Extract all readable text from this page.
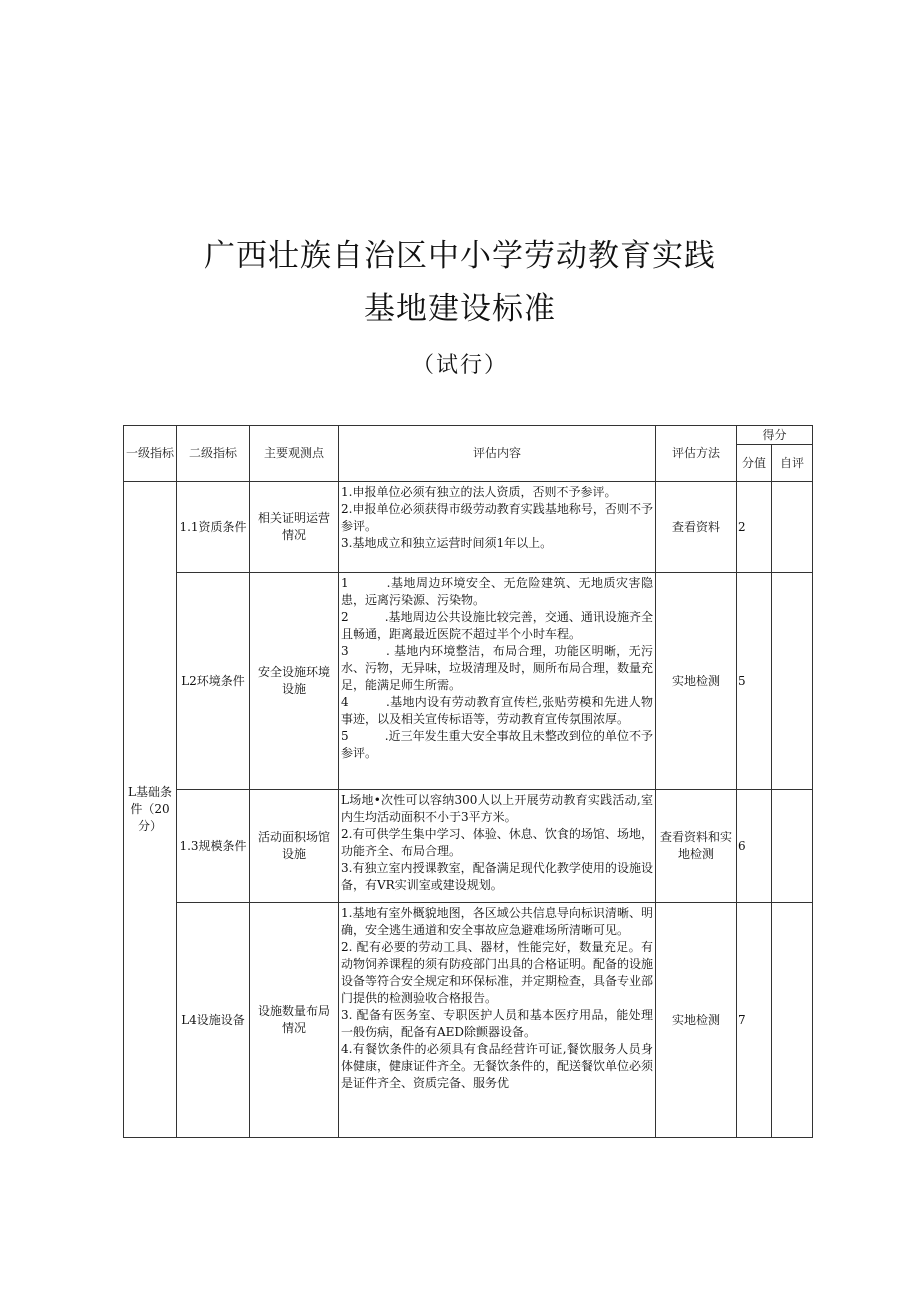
广西壮族自治区中小学劳动教育实践
基地建设标准
（试行）
一级指标	二级指标	主要观测点	评估内容	评估方法	得分	
					分值	自评
L基础条件（20分）	1.1资质条件	相关证明运营情况	1.申报单位必须有独立的法人资质，否则不予参评。
2.申报单位必须获得市级劳动教育实践基地称号，否则不予参评。
3.基地成立和独立运营时间须1年以上。	查看资料	2	
	L2环境条件	安全设施环境设施	1　　　.基地周边环境安全、无危险建筑、无地质灾害隐患，远离污染源、污染物。
2　　　.基地周边公共设施比较完善，交通、通讯设施齐全且畅通，距离最近医院不超过半个小时车程。
3　　　. 基地内环境整洁，布局合理，功能区明晰，无污水、污物，无异味，垃圾清理及时，厕所布局合理，数量充足，能满足师生所需。
4　　　.基地内设有劳动教育宣传栏,张贴劳模和先进人物事迹，以及相关宣传标语等，劳动教育宣传氛围浓厚。
5　　　.近三年发生重大安全事故且未整改到位的单位不予参评。	实地检测	5	
	1.3规模条件	活动面积场馆设施	L场地•次性可以容纳300人以上开展劳动教育实践活动,室内生均活动面积不小于3平方米。
2.有可供学生集中学习、体验、休息、饮食的场馆、场地，功能齐全、布局合理。
3.有独立室内授课教室，配备满足现代化教学使用的设施设备，有VR实训室或建设规划。	查看资料和实地检测	6	
	L4设施设备	设施数量布局情况	1.基地有室外概貌地图，各区域公共信息导向标识清晰、明确，安全逃生通道和安全事故应急避难场所清晰可见。
2. 配有必要的劳动工具、器材，性能完好，数量充足。有动物饲养课程的须有防疫部门出具的合格证明。配备的设施设备等符合安全规定和环保标准，并定期检查，具备专业部门提供的检测验收合格报告。
3. 配备有医务室、专职医护人员和基本医疗用品，能处理一般伤病，配备有AED除颤器设备。
4.有餐饮条件的必须具有食品经营许可证,餐饮服务人员身体健康，健康证件齐全。无餐饮条件的，配送餐饮单位必须是证件齐全、资质完备、服务优	实地检测	7	
